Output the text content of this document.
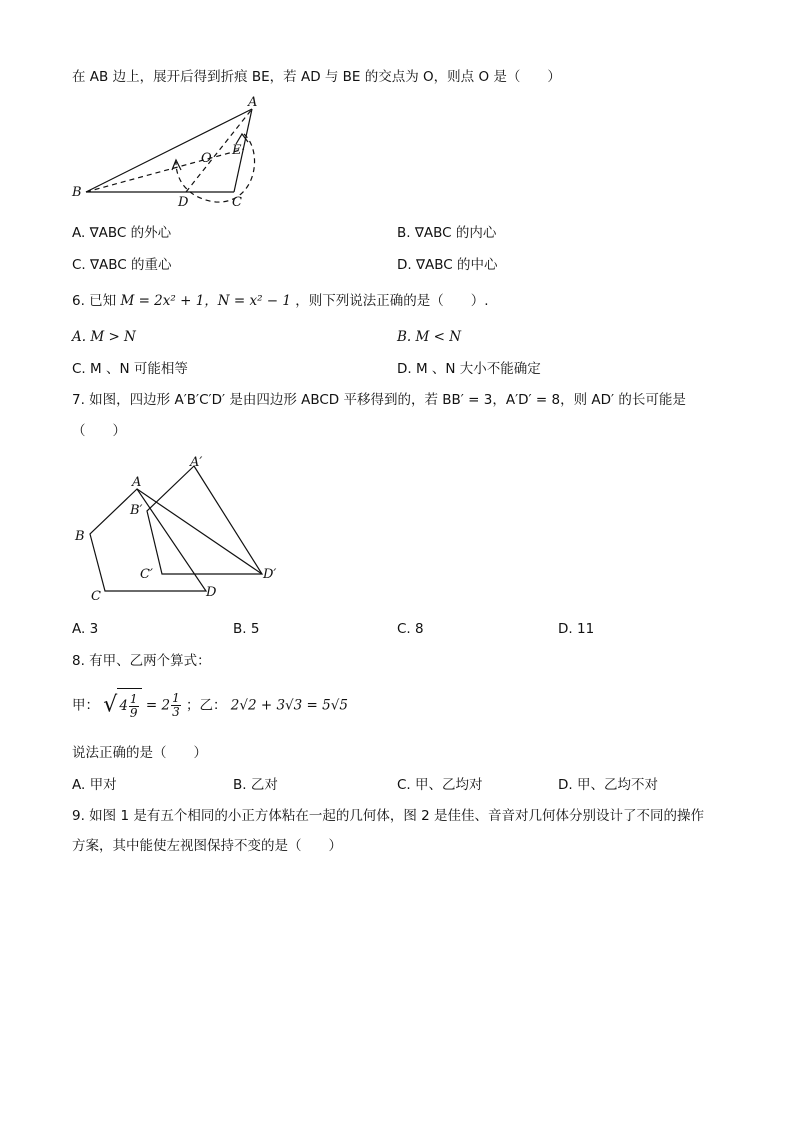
在 AB 边上，展开后得到折痕 BE，若 AD 与 BE 的交点为 O，则点 O 是（　　）
A
B
C
D
E
O
A. ∇ABC 的外心	B. ∇ABC 的内心
C. ∇ABC 的重心	D. ∇ABC 的中心
6. 已知 M = 2x² + 1，N = x² − 1 ，则下列说法正确的是（　　）.
A. M > N	B. M < N
C. M 、N 可能相等	D. M 、N 大小不能确定
7. 如图，四边形 A′B′C′D′ 是由四边形 ABCD 平移得到的，若 BB′ = 3，A′D′ = 8，则 AD′ 的长可能是
（　　）
A
B
C	D
A′
B′
C′	D′
A. 3	B. 5	C. 8	D. 11
8. 有甲、乙两个算式：
甲： √ $4 \frac{1}{9} = 2 \frac{1}{3}$ ；乙： 2√2 + 3√3 = 5√5
说法正确的是（　　）
A. 甲对	B. 乙对	C. 甲、乙均对	D. 甲、乙均不对
9. 如图 1 是有五个相同的小正方体粘在一起的几何体，图 2 是佳佳、音音对几何体分别设计了不同的操作
方案，其中能使左视图保持不变的是（　　）
